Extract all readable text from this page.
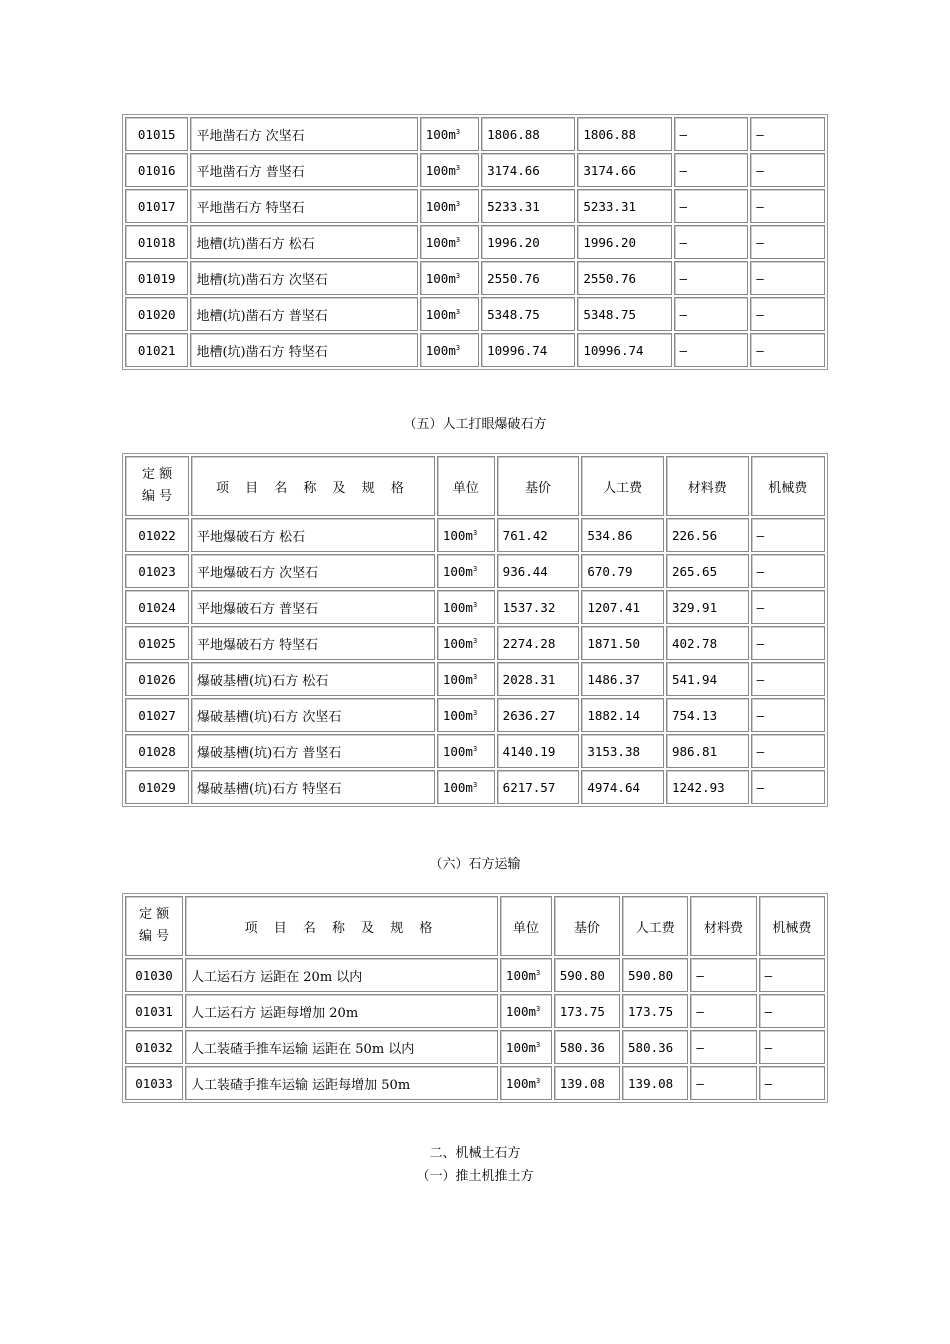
01015	平地凿石方 次坚石	$100m^3$	1806.88	1806.88	—	—
01016	平地凿石方 普坚石	$100m^3$	3174.66	3174.66	—	—
01017	平地凿石方 特坚石	$100m^3$	5233.31	5233.31	—	—
01018	地槽(坑)凿石方 松石	$100m^3$	1996.20	1996.20	—	—
01019	地槽(坑)凿石方 次坚石	$100m^3$	2550.76	2550.76	—	—
01020	地槽(坑)凿石方 普坚石	$100m^3$	5348.75	5348.75	—	—
01021	地槽(坑)凿石方 特坚石	$100m^3$	10996.74	10996.74	—	—
（五）人工打眼爆破石方
定 额
编 号	项 目 名 称 及 规 格	单位	基价	人工费	材料费	机械费
01022	平地爆破石方 松石	$100m^3$	761.42	534.86	226.56	—
01023	平地爆破石方 次坚石	$100m^3$	936.44	670.79	265.65	—
01024	平地爆破石方 普坚石	$100m^3$	1537.32	1207.41	329.91	—
01025	平地爆破石方 特坚石	$100m^3$	2274.28	1871.50	402.78	—
01026	爆破基槽(坑)石方 松石	$100m^3$	2028.31	1486.37	541.94	—
01027	爆破基槽(坑)石方 次坚石	$100m^3$	2636.27	1882.14	754.13	—
01028	爆破基槽(坑)石方 普坚石	$100m^3$	4140.19	3153.38	986.81	—
01029	爆破基槽(坑)石方 特坚石	$100m^3$	6217.57	4974.64	1242.93	—
（六）石方运输
定 额
编 号	项 目 名 称 及 规 格	单位	基价	人工费	材料费	机械费
01030	人工运石方 运距在 20m 以内	$100m^3$	590.80	590.80	—	—
01031	人工运石方 运距每增加 20m	$100m^3$	173.75	173.75	—	—
01032	人工装碴手推车运输 运距在 50m 以内	$100m^3$	580.36	580.36	—	—
01033	人工装碴手推车运输 运距每增加 50m	$100m^3$	139.08	139.08	—	—
二、机械土石方
（一）推土机推土方
